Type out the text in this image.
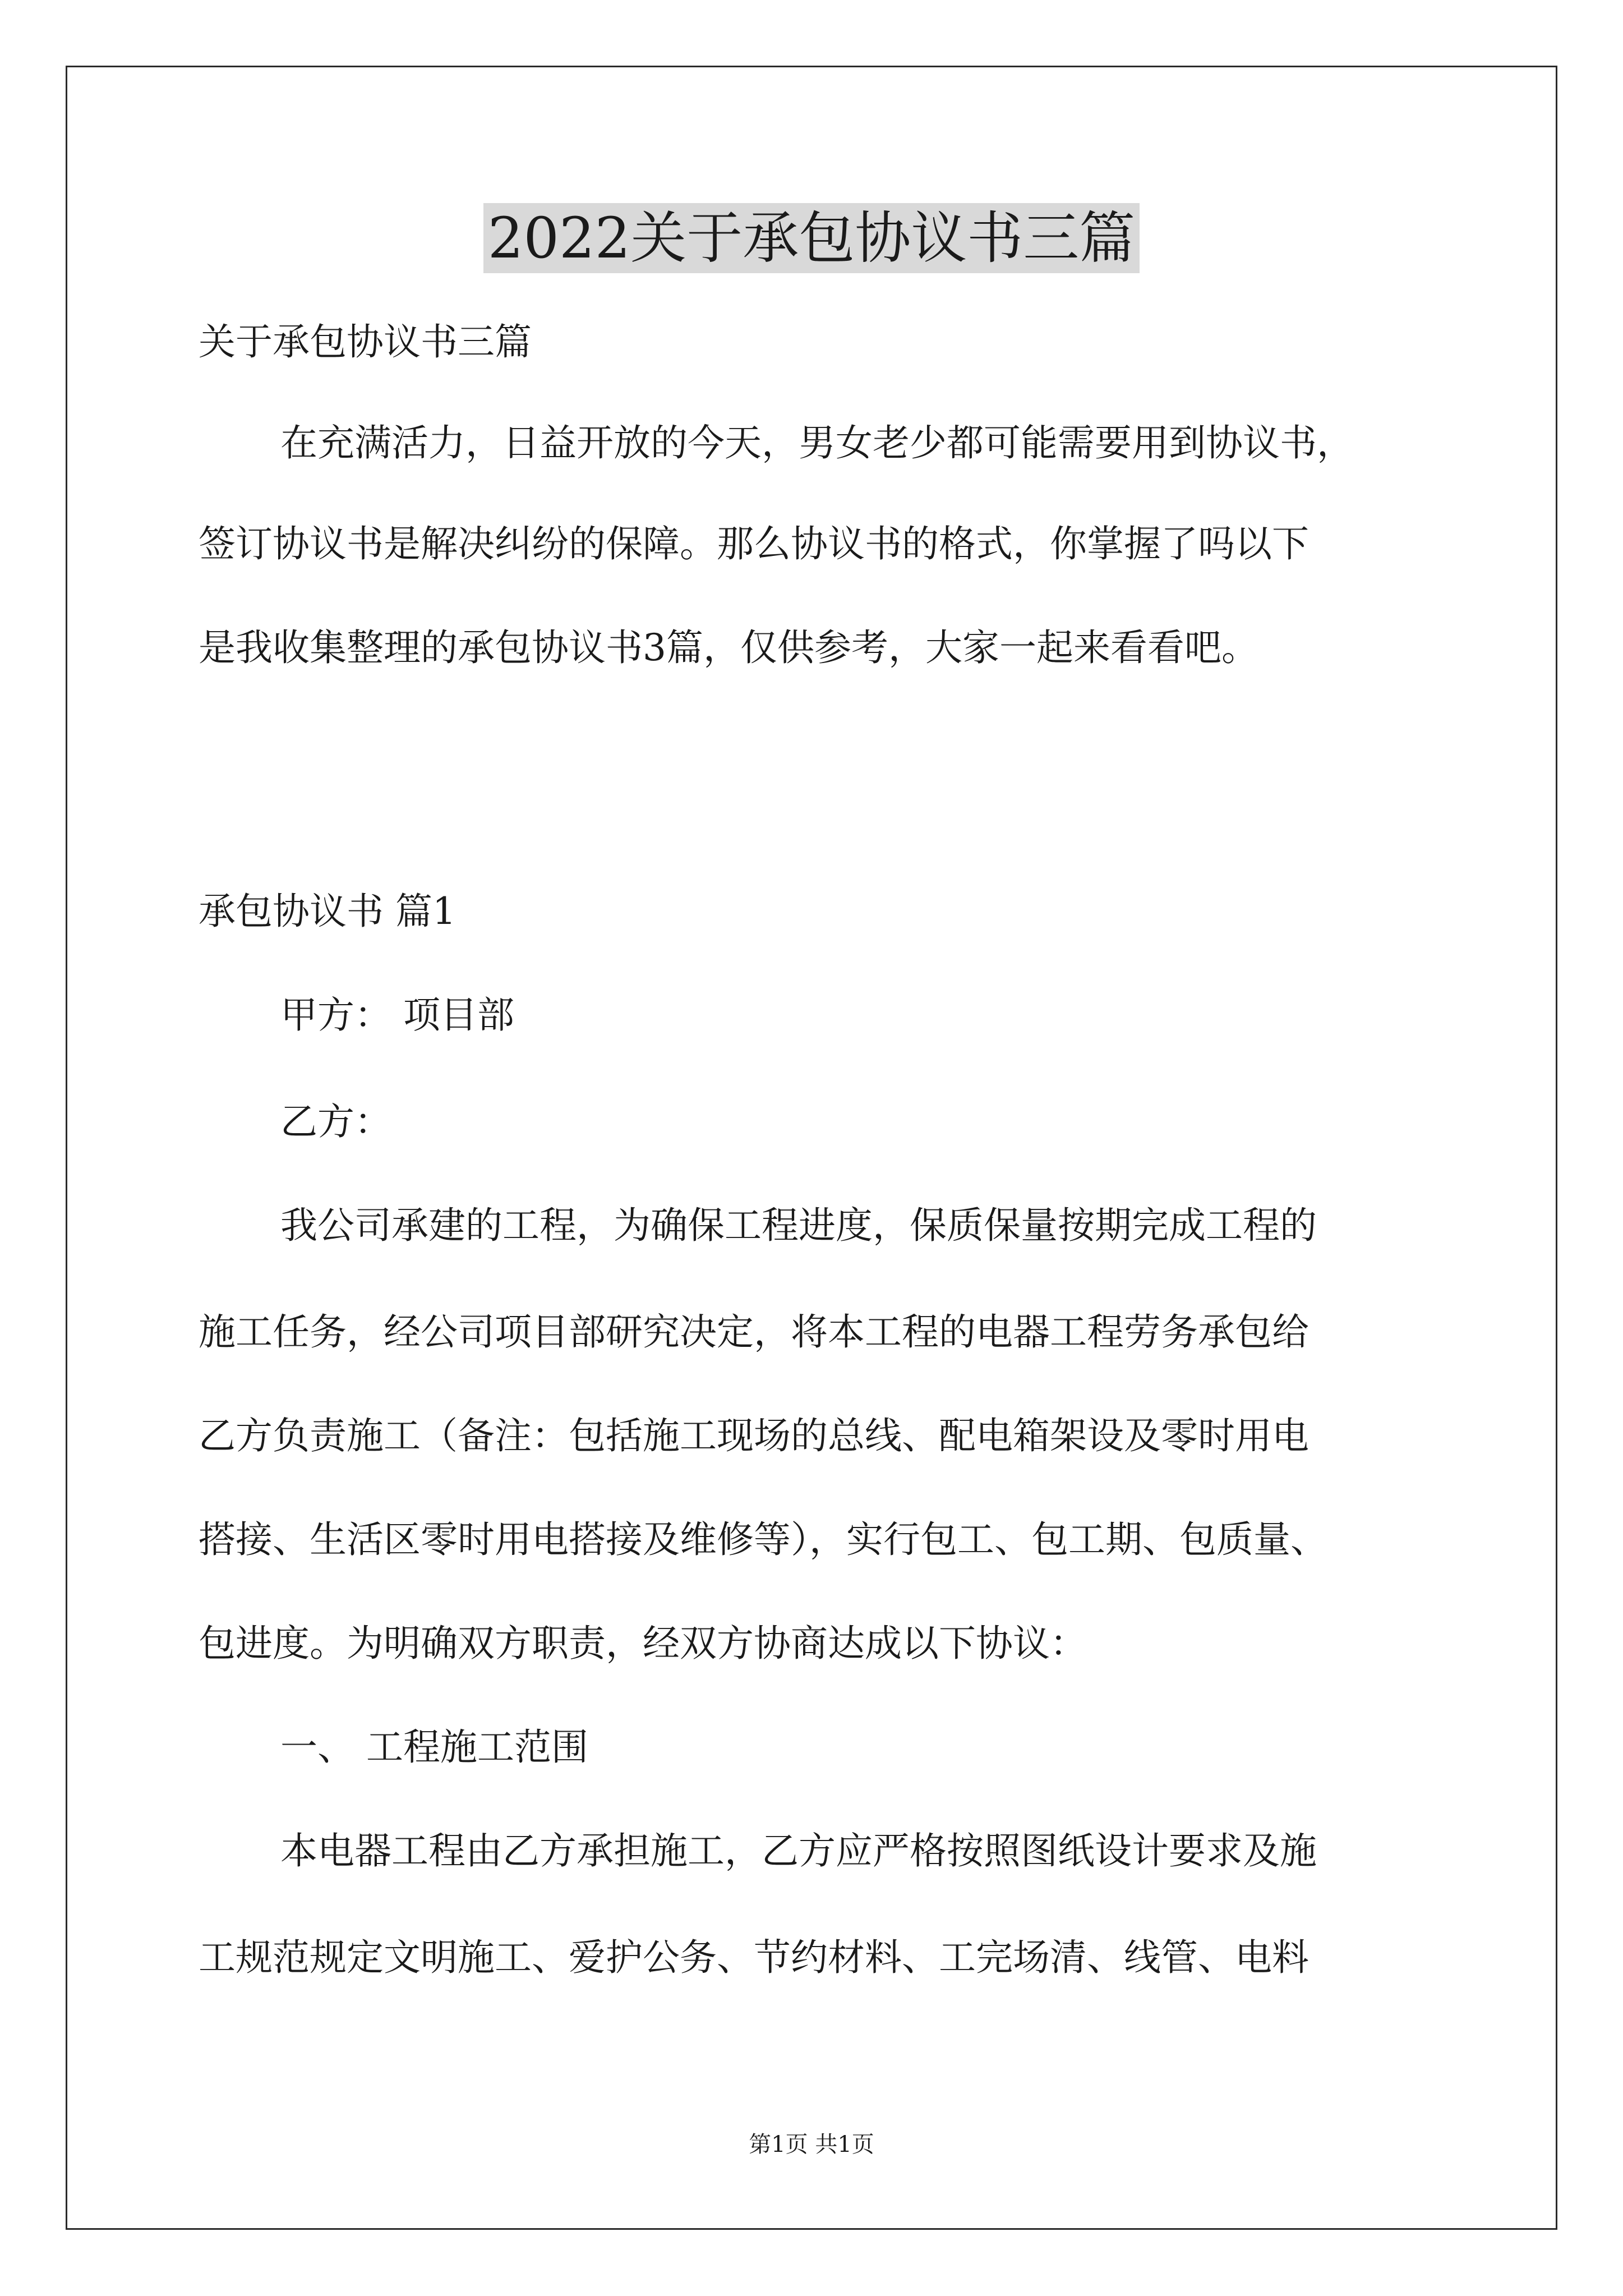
2022关于承包协议书三篇

关于承包协议书三篇

在充满活力，日益开放的今天，男女老少都可能需要用到协议书，

签订协议书是解决纠纷的保障。那么协议书的格式，你掌握了吗以下

是我收集整理的承包协议书3篇，仅供参考，大家一起来看看吧。

承包协议书 篇1

甲方： 项目部

乙方：

我公司承建的工程，为确保工程进度，保质保量按期完成工程的

施工任务，经公司项目部研究决定，将本工程的电器工程劳务承包给

乙方负责施工（备注：包括施工现场的总线、配电箱架设及零时用电

搭接、生活区零时用电搭接及维修等），实行包工、包工期、包质量、

包进度。为明确双方职责，经双方协商达成以下协议：

一、 工程施工范围

本电器工程由乙方承担施工，乙方应严格按照图纸设计要求及施

工规范规定文明施工、爱护公务、节约材料、工完场清、线管、电料

第1页 共1页
